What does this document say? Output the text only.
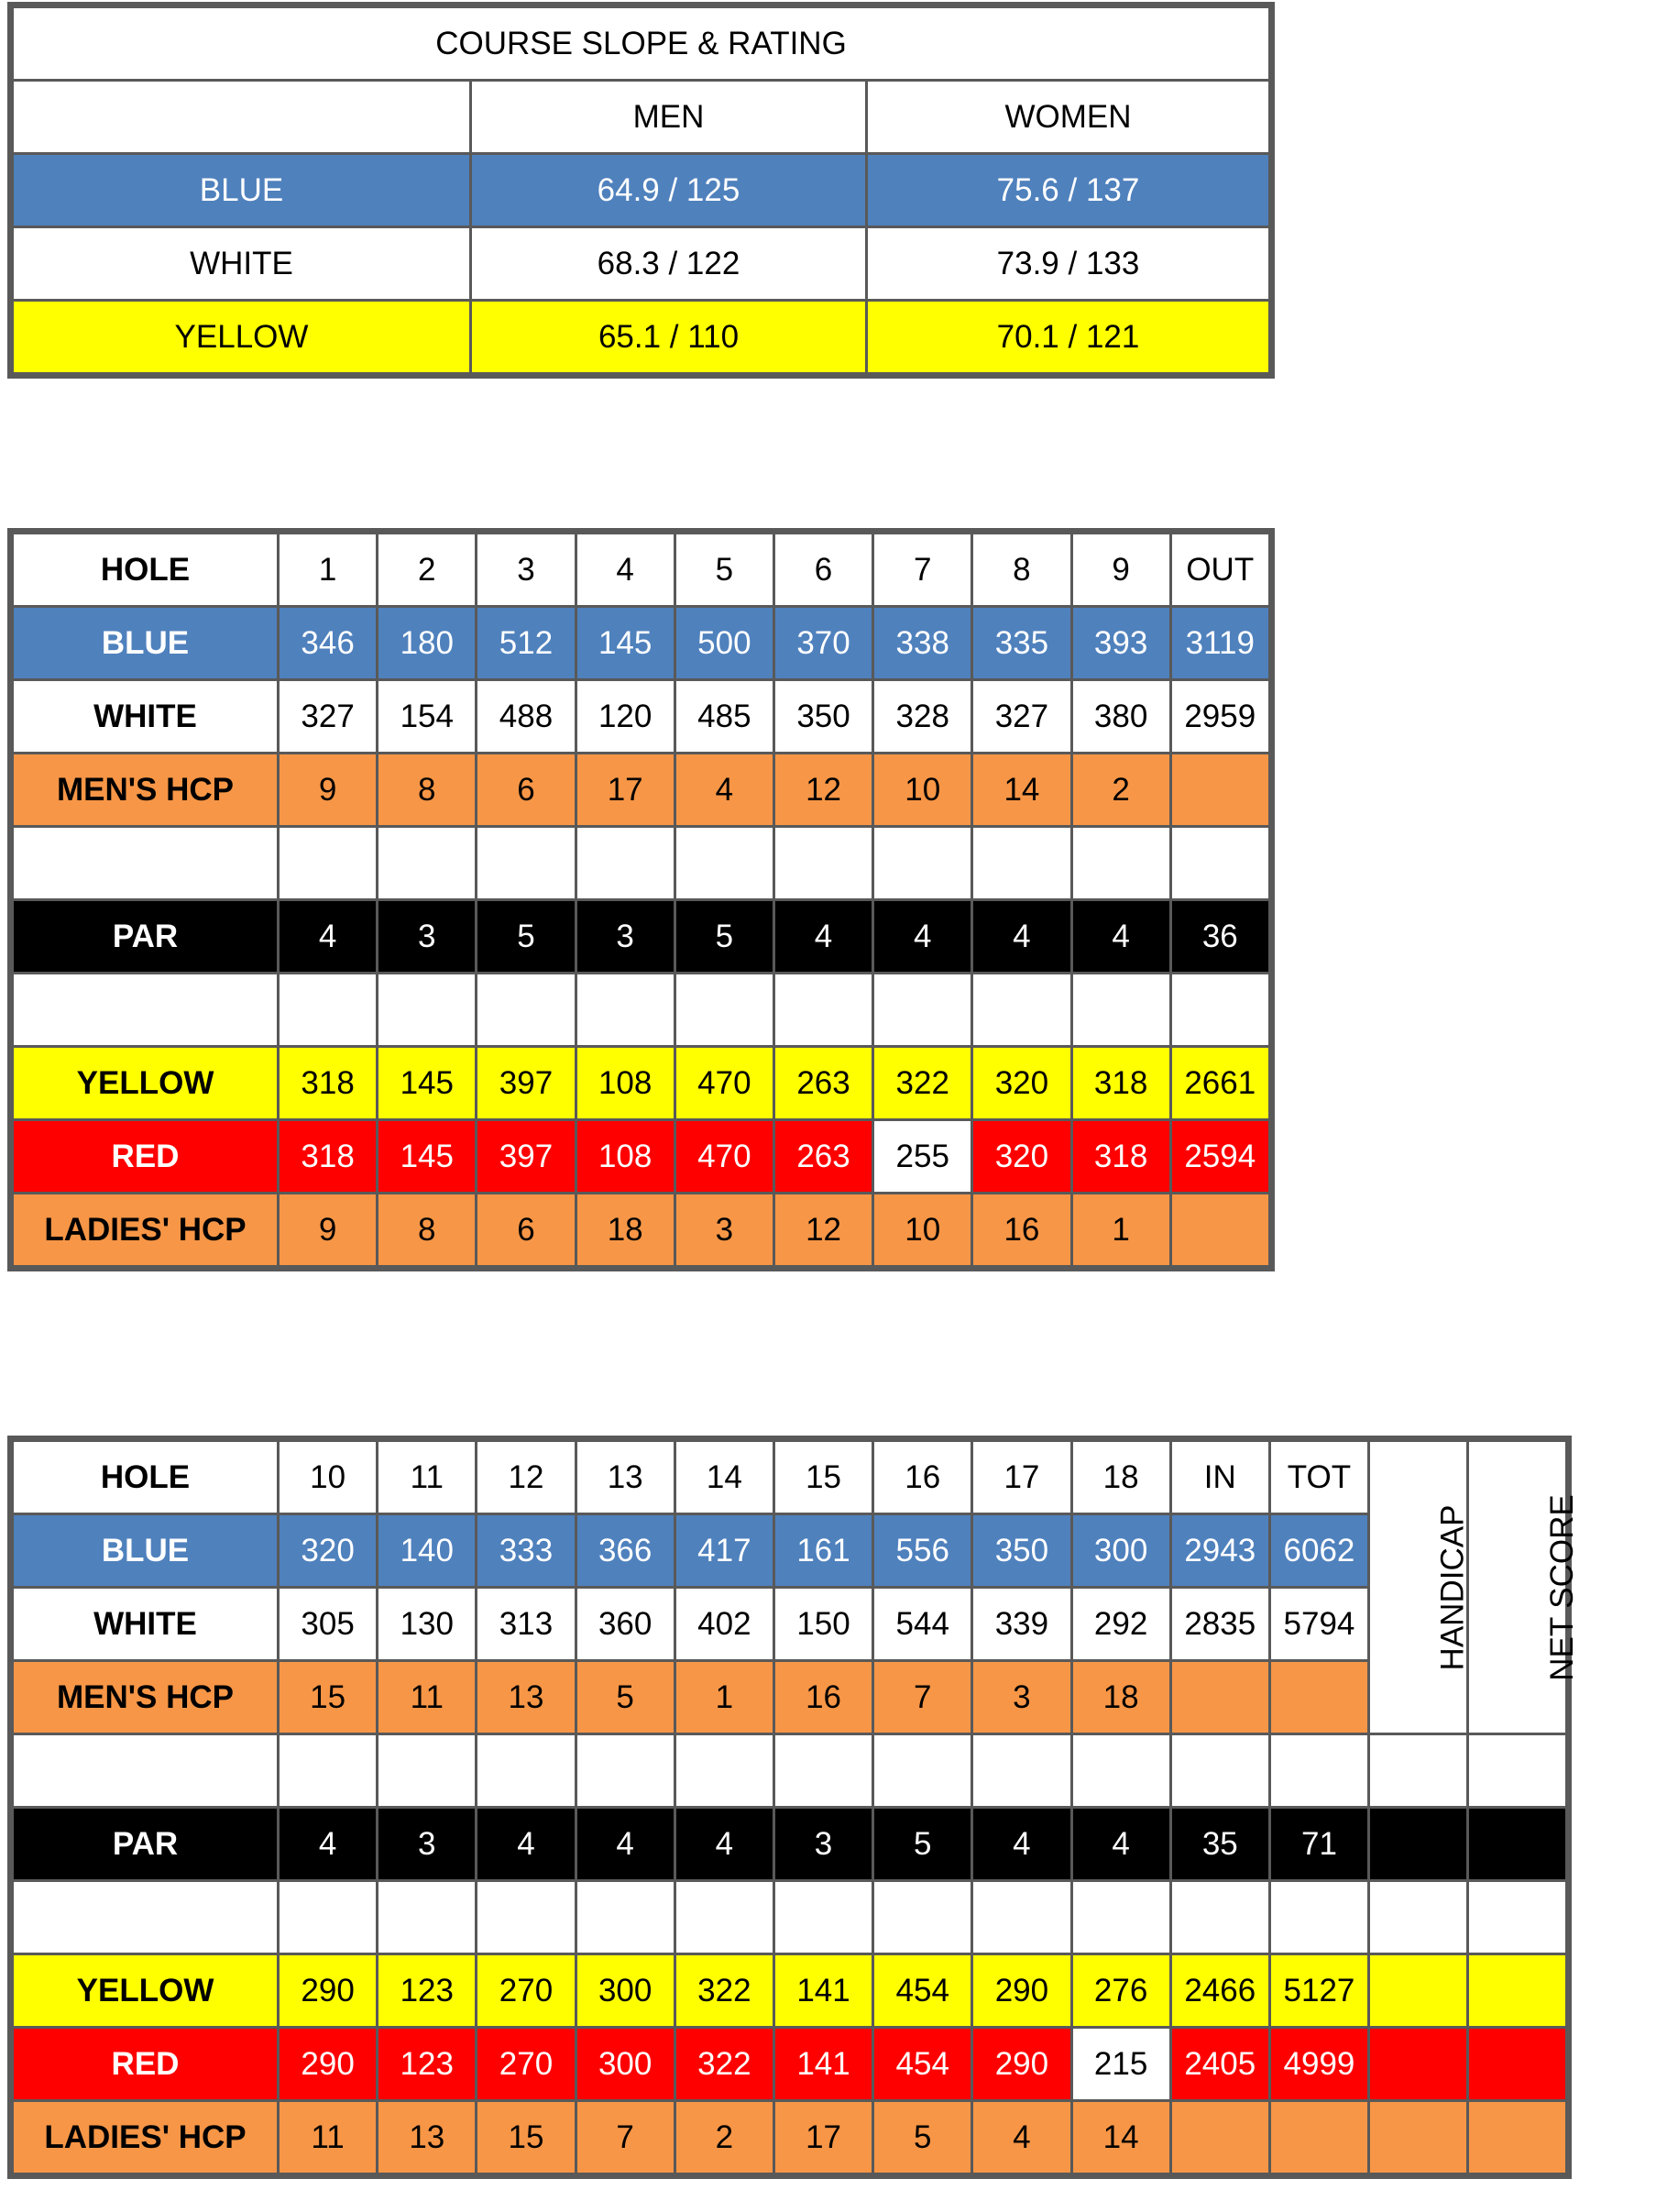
COURSE SLOPE & RATING		
	MEN	WOMEN
BLUE	64.9 / 125	75.6 / 137
WHITE	68.3 / 122	73.9 / 133
YELLOW	65.1 / 110	70.1 / 121
HOLE	1	2	3	4	5	6	7	8	9	OUT
BLUE	346	180	512	145	500	370	338	335	393	3119
WHITE	327	154	488	120	485	350	328	327	380	2959
MEN'S HCP	9	8	6	17	4	12	10	14	2	

PAR	4	3	5	3	5	4	4	4	4	36

YELLOW	318	145	397	108	470	263	322	320	318	2661
RED	318	145	397	108	470	263	255	320	318	2594
LADIES' HCP	9	8	6	18	3	12	10	16	1	
HOLE	10	11	12	13	14	15	16	17	18	IN	TOT	HANDICAP	NET SCORE
BLUE	320	140	333	366	417	161	556	350	300	2943	6062		
WHITE	305	130	313	360	402	150	544	339	292	2835	5794		
MEN'S HCP	15	11	13	5	1	16	7	3	18				

PAR	4	3	4	4	4	3	5	4	4	35	71		

YELLOW	290	123	270	300	322	141	454	290	276	2466	5127		
RED	290	123	270	300	322	141	454	290	215	2405	4999		
LADIES' HCP	11	13	15	7	2	17	5	4	14				
